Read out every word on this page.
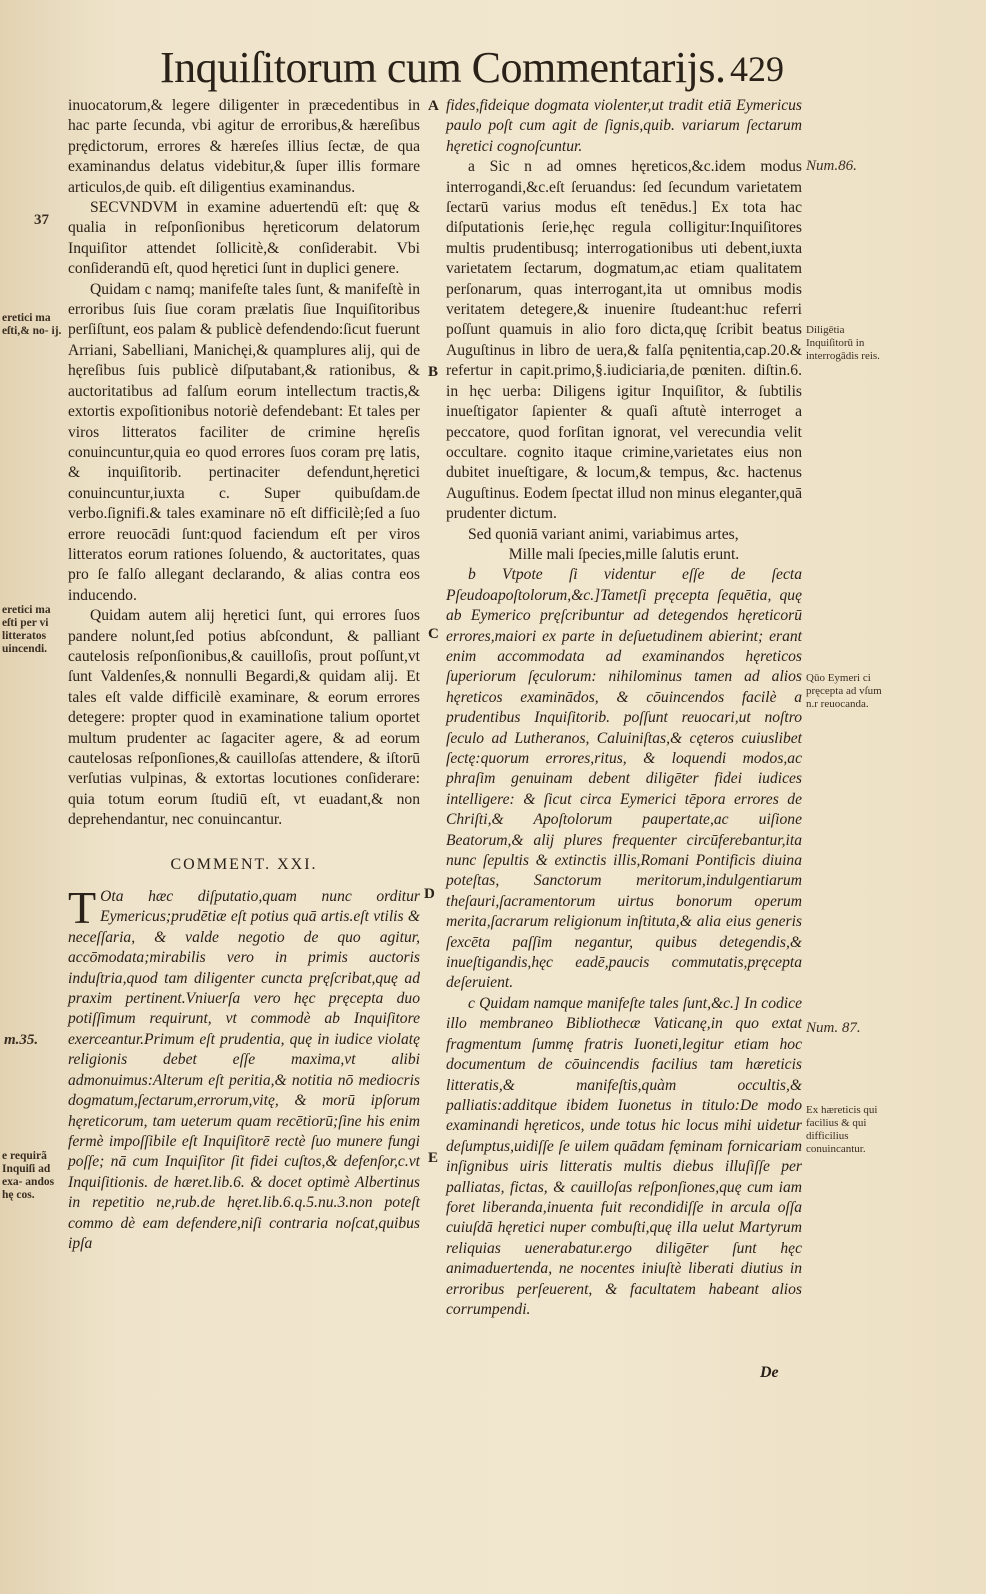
Inquiſitorum cum Commentarijs. 429

inuocatorum,& legere diligenter in præcedentibus in hac parte ſecunda, vbi agitur de erroribus,& hæreſibus prędictorum, errores & hæreſes illius ſectæ, de qua examinandus delatus videbitur,& ſuper illis formare articulos,de quib. eſt diligentius examinandus.

SECVNDVM in examine aduertendū eſt: quę & qualia in reſponſionibus hęreticorum delatorum Inquiſitor attendet ſollicitè,& conſiderabit. Vbi conſiderandū eſt, quod hęretici ſunt in duplici genere.

Quidam c namq; manifeſte tales ſunt, & manifeſtè in erroribus ſuis ſiue coram prælatis ſiue Inquiſitoribus perſiſtunt, eos palam & publicè defendendo:ſicut fuerunt Arriani, Sabelliani, Manichęi,& quamplures alij, qui de hęreſibus ſuis publicè diſputabant,& rationibus, & auctoritatibus ad falſum eorum intellectum tractis,& extortis expoſitionibus notoriè defendebant: Et tales per viros litteratos faciliter de crimine hęreſis conuincuntur,quia eo quod errores ſuos coram prę latis, & inquiſitorib. pertinaciter defendunt,hęretici conuincuntur,iuxta c. Super quibuſdam.de verbo.ſignifi.& tales examinare nō eſt difficilè;ſed a ſuo errore reuocādi ſunt:quod faciendum eſt per viros litteratos eorum rationes ſoluendo, & auctoritates, quas pro ſe falſo allegant declarando, & alias contra eos inducendo.

Quidam autem alij hęretici ſunt, qui errores ſuos pandere nolunt,ſed potius abſcondunt, & palliant cautelosis reſponſionibus,& cauilloſis, prout poſſunt,vt ſunt Valdenſes,& nonnulli Begardi,& quidam alij. Et tales eſt valde difficilè examinare, & eorum errores detegere: propter quod in examinatione talium oportet multum prudenter ac ſagaciter agere, & ad eorum cautelosas reſponſiones,& cauilloſas attendere, & iſtorū verſutias vulpinas, & extortas locutiones conſiderare: quia totum eorum ſtudiū eſt, vt euadant,& non deprehendantur, nec conuincantur.

COMMENT. XXI.

T Ota hæc diſputatio,quam nunc orditur Eymericus;prudētiæ eſt potius quā artis.eſt vtilis & neceſſaria, & valde negotio de quo agitur, accōmodata;mirabilis vero in primis auctoris induſtria,quod tam diligenter cuncta pręſcribat,quę ad praxim pertinent.Vniuerſa vero hęc pręcepta duo potiſſimum requirunt, vt commodè ab Inquiſitore exerceantur.Primum eſt prudentia, quę in iudice violatę religionis debet eſſe maxima,vt alibi admonuimus:Alterum eſt peritia,& notitia nō mediocris dogmatum,ſectarum,errorum,vitę, & morū ipſorum hęreticorum, tam ueterum quam recētiorū;ſine his enim fermè impoſſibile eſt Inquiſitorē rectè ſuo munere fungi poſſe; nā cum Inquiſitor ſit fidei cuſtos,& defenſor,c.vt Inquiſitionis. de hæret.lib.6. & docet optimè Albertinus in repetitio ne,rub.de hęret.lib.6.q.5.nu.3.non poteſt commo dè eam defendere,niſi contraria noſcat,quibus ipſa

fides,fideique dogmata violenter,ut tradit etiā Eymericus paulo poſt cum agit de ſignis,quib. variarum ſectarum hęretici cognoſcuntur.

a Sic n ad omnes hęreticos,&c.idem modus interrogandi,&c.eſt ſeruandus: ſed ſecundum varietatem ſectarū varius modus eſt tenēdus.] Ex tota hac diſputationis ſerie,hęc regula colligitur:Inquiſitores multis prudentibusq; interrogationibus uti debent,iuxta varietatem ſectarum, dogmatum,ac etiam qualitatem perſonarum, quas interrogant,ita ut omnibus modis veritatem detegere,& inuenire ſtudeant:huc referri poſſunt quamuis in alio foro dicta,quę ſcribit beatus Auguſtinus in libro de uera,& falſa pęnitentia,cap.20.& refertur in capit.primo,§.iudiciaria,de pœniten. diſtin.6. in hęc uerba: Diligens igitur Inquiſitor, & ſubtilis inueſtigator ſapienter & quaſi aſtutè interroget a peccatore, quod forſitan ignorat, vel verecundia velit occultare. cognito itaque crimine,varietates eius non dubitet inueſtigare, & locum,& tempus, &c. hactenus Auguſtinus. Eodem ſpectat illud non minus eleganter,quā prudenter dictum.

Sed quoniā variant animi, variabimus artes,

Mille mali ſpecies,mille ſalutis erunt.

b Vtpote ſi videntur eſſe de ſecta Pſeudoapoſtolorum,&c.]Tametſi pręcepta ſequētia, quę ab Eymerico pręſcribuntur ad detegendos hęreticorū errores,maiori ex parte in deſuetudinem abierint; erant enim accommodata ad examinandos hęreticos ſuperiorum ſęculorum: nihilominus tamen ad alios hęreticos examinādos, & cōuincendos facilè a prudentibus Inquiſitorib. poſſunt reuocari,ut noſtro ſeculo ad Lutheranos, Caluiniſtas,& cęteros cuiuslibet ſectę:quorum errores,ritus, & loquendi modos,ac phraſim genuinam debent diligēter fidei iudices intelligere: & ſicut circa Eymerici tēpora errores de Chriſti,& Apoſtolorum paupertate,ac uiſione Beatorum,& alij plures frequenter circūferebantur,ita nunc ſepultis & extinctis illis,Romani Pontificis diuina poteſtas, Sanctorum meritorum,indulgentiarum theſauri,ſacramentorum uirtus bonorum operum merita,ſacrarum religionum inſtituta,& alia eius generis ſexcēta paſſim negantur, quibus detegendis,& inueſtigandis,hęc eadē,paucis commutatis,pręcepta deſeruient.

c Quidam namque manifeſte tales ſunt,&c.] In codice illo membraneo Bibliothecæ Vaticanę,in quo extat fragmentum ſummę fratris Iuoneti,legitur etiam hoc documentum de cōuincendis facilius tam hæreticis litteratis,& manifeſtis,quàm occultis,& palliatis:additque ibidem Iuonetus in titulo:De modo examinandi hęreticos, unde totus hic locus mihi uidetur deſumptus,uidiſſe ſe uilem quādam fęminam fornicariam inſignibus uiris litteratis multis diebus illuſiſſe per palliatas, fictas, & cauilloſas reſponſiones,quę cum iam foret liberanda,inuenta fuit recondidiſſe in arcula oſſa cuiuſdā hęretici nuper combuſti,quę illa uelut Martyrum reliquias uenerabatur.ergo diligēter ſunt hęc animaduertenda, ne nocentes iniuſtè liberati diutius in erroribus perſeuerent, & facultatem habeant alios corrumpendi.

A
B
C
D
E
37
eretici ma eſti,& no- ij.
eretici ma eſti per vi litteratos uincendi.
m.35.
e requirã Inquiſi ad exa- andos hę cos.
Num.86.
Diligētia Inquiſitorū in interrogādis reis.
Qūo Eymeri ci pręcepta ad vſum n.r reuocanda.
Num. 87.
Ex hæreticis qui facilius & qui difficilius conuincantur.
De
